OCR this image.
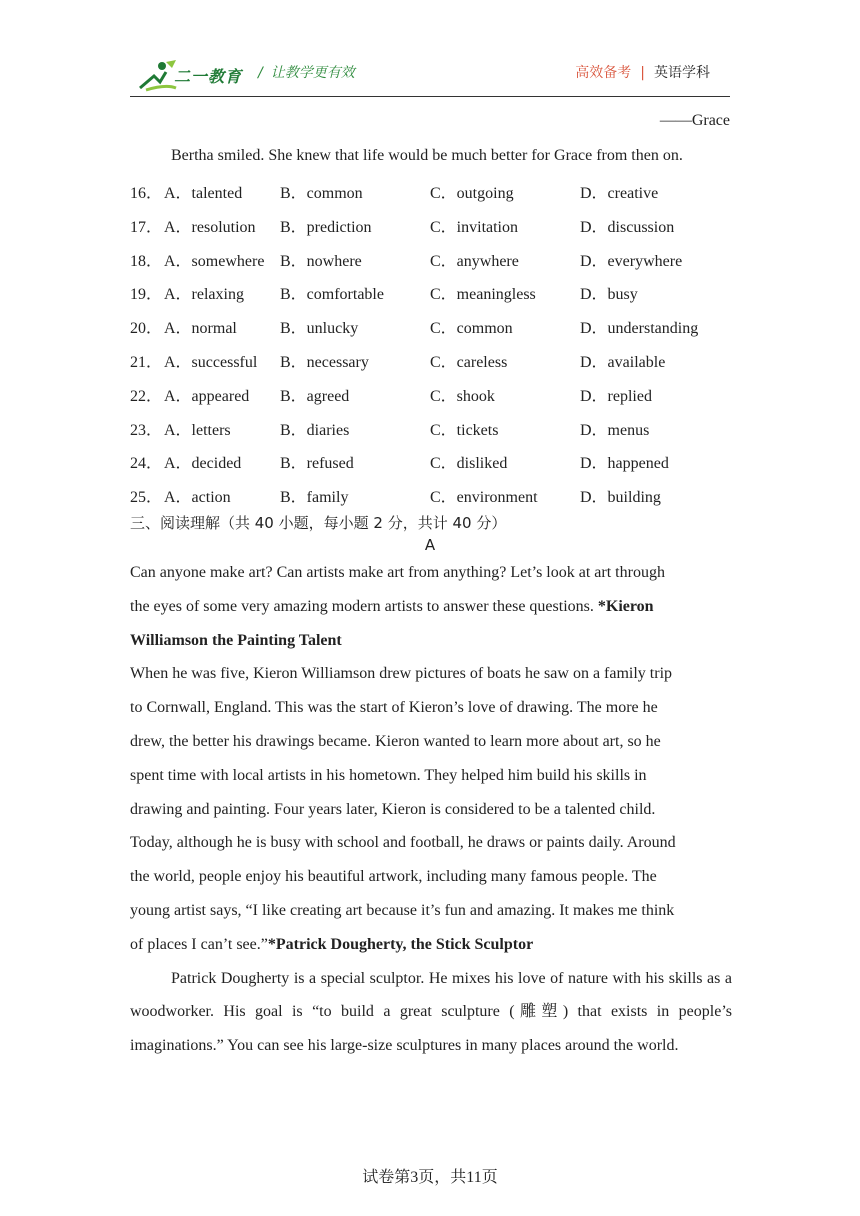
二一教育 / 让教学更有效	高效备考 | 英语学科
——Grace
Bertha smiled. She knew that life would be much better for Grace from then on.
16． A．talented B．common	C．outgoing	D．creative
17． A．resolution B．prediction	C．invitation	D．discussion
18． A．somewhere B．nowhere	C．anywhere	D．everywhere
19． A．relaxing B．comfortable	C．meaningless	D．busy
20． A．normal	B．unlucky	C．common	D．understanding
21． A．successful B．necessary	C．careless	D．available
22． A．appeared B．agreed	C．shook	D．replied
23． A．letters	B．diaries	C．tickets	D．menus
24． A．decided B．refused	C．disliked	D．happened
25． A．action	B．family	C．environment	D．building
三、阅读理解（共 40 小题，每小题 2 分，共计 40 分）
A
Can anyone make art? Can artists make art from anything? Let’s look at art through
the eyes of some very amazing modern artists to answer these questions. *Kieron
Williamson the Painting Talent
When he was five, Kieron Williamson drew pictures of boats he saw on a family trip
to Cornwall, England. This was the start of Kieron’s love of drawing. The more he
drew, the better his drawings became. Kieron wanted to learn more about art, so he
spent time with local artists in his hometown. They helped him build his skills in
drawing and painting. Four years later, Kieron is considered to be a talented child.
Today, although he is busy with school and football, he draws or paints daily. Around
the world, people enjoy his beautiful artwork, including many famous people. The
young artist says, “I like creating art because it’s fun and amazing. It makes me think
of places I can’t see.”*Patrick Dougherty, the Stick Sculptor
Patrick Dougherty is a special sculptor. He mixes his love of nature with his skills as a woodworker. His goal is “to build a great sculpture (雕塑) that exists in people’s imaginations.” You can see his large-size sculptures in many places around the world.
试卷第3页，共11页
